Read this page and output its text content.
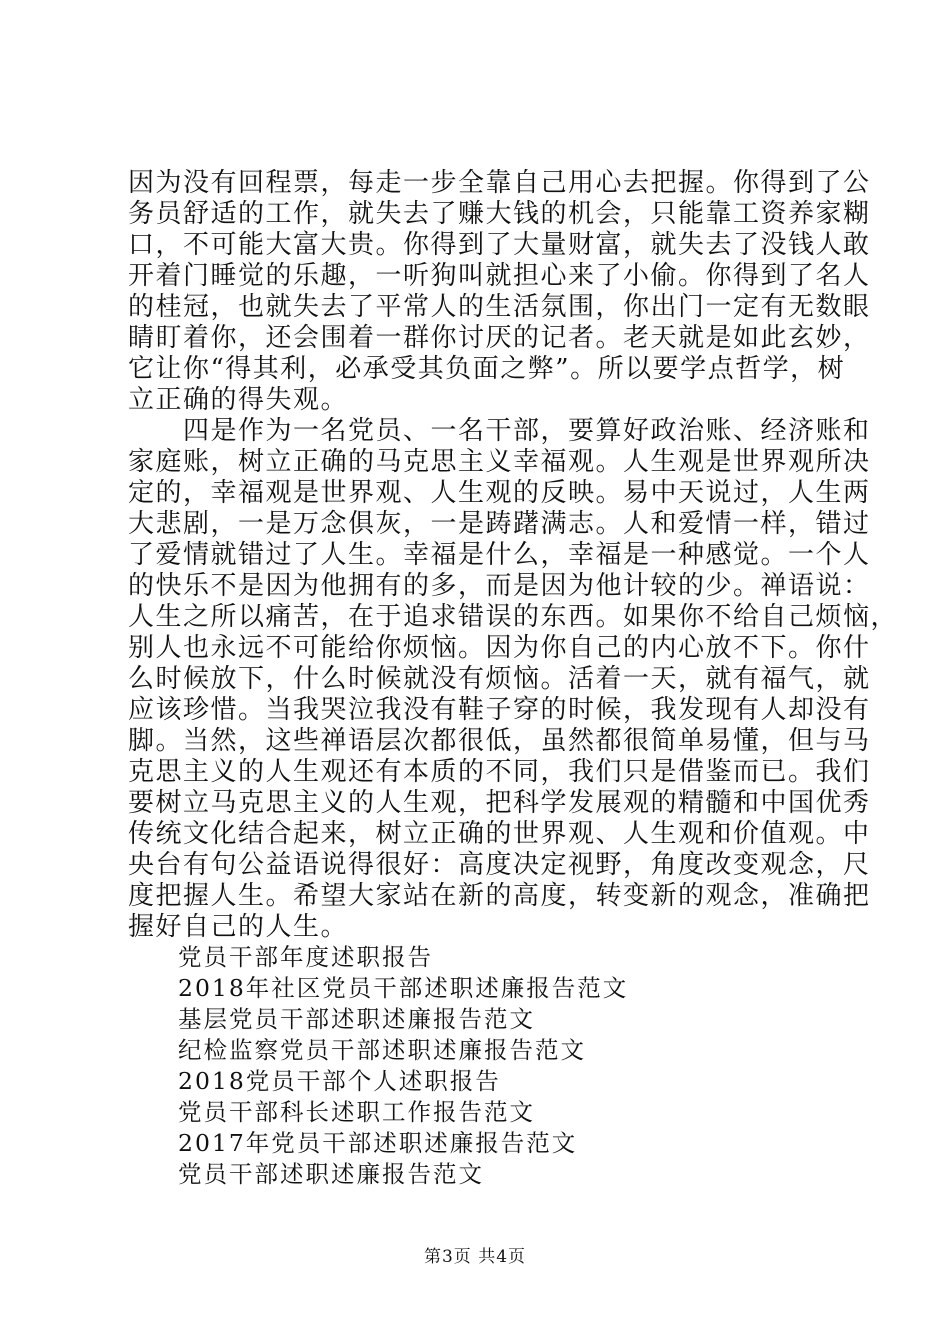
因为没有回程票，每走一步全靠自己用心去把握。你得到了公
务员舒适的工作，就失去了赚大钱的机会，只能靠工资养家糊
口，不可能大富大贵。你得到了大量财富，就失去了没钱人敢
开着门睡觉的乐趣，一听狗叫就担心来了小偷。你得到了名人
的桂冠，也就失去了平常人的生活氛围，你出门一定有无数眼
睛盯着你，还会围着一群你讨厌的记者。老天就是如此玄妙，
它让你“得其利，必承受其负面之弊”。所以要学点哲学，树
立正确的得失观。
　　四是作为一名党员、一名干部，要算好政治账、经济账和
家庭账，树立正确的马克思主义幸福观。人生观是世界观所决
定的，幸福观是世界观、人生观的反映。易中天说过，人生两
大悲剧，一是万念俱灰，一是踌躇满志。人和爱情一样，错过
了爱情就错过了人生。幸福是什么，幸福是一种感觉。一个人
的快乐不是因为他拥有的多，而是因为他计较的少。禅语说：
人生之所以痛苦，在于追求错误的东西。如果你不给自己烦恼，
别人也永远不可能给你烦恼。因为你自己的内心放不下。你什
么时候放下，什么时候就没有烦恼。活着一天，就有福气，就
应该珍惜。当我哭泣我没有鞋子穿的时候，我发现有人却没有
脚。当然，这些禅语层次都很低，虽然都很简单易懂，但与马
克思主义的人生观还有本质的不同，我们只是借鉴而已。我们
要树立马克思主义的人生观，把科学发展观的精髓和中国优秀
传统文化结合起来，树立正确的世界观、人生观和价值观。中
央台有句公益语说得很好：高度决定视野，角度改变观念，尺
度把握人生。希望大家站在新的高度，转变新的观念，准确把
握好自己的人生。
党员干部年度述职报告
2018年社区党员干部述职述廉报告范文
基层党员干部述职述廉报告范文
纪检监察党员干部述职述廉报告范文
2018党员干部个人述职报告
党员干部科长述职工作报告范文
2017年党员干部述职述廉报告范文
党员干部述职述廉报告范文
第3页 共4页
